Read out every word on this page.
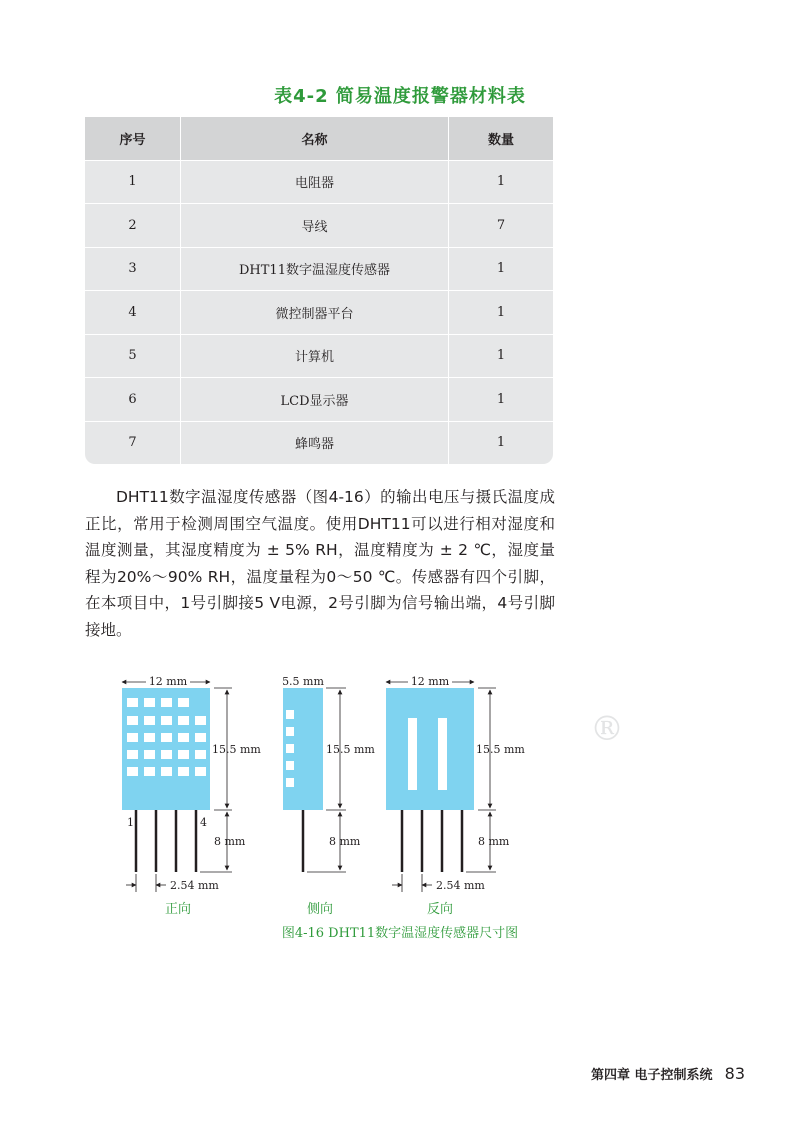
表4-2 简易温度报警器材料表
序号	名称	数量
1	电阻器	1
2	导线	7
3	DHT11数字温湿度传感器	1
4	微控制器平台	1
5	计算机	1
6	LCD显示器	1
7	蜂鸣器	1
DHT11数字温湿度传感器（图4-16）的输出电压与摄氏温度成正比，常用于检测周围空气温度。使用DHT11可以进行相对湿度和温度测量，其湿度精度为 ± 5% RH，温度精度为 ± 2 ℃，湿度量程为20%～90% RH，温度量程为0～50 ℃。传感器有四个引脚，在本项目中，1号引脚接5 V电源，2号引脚为信号输出端，4号引脚接地。
12 mm
15.5 mm
8 mm
2.54 mm
1	4
正向
5.5 mm
15.5 mm
8 mm
侧向
12 mm
15.5 mm
8 mm
2.54 mm
反向
®
图4-16 DHT11数字温湿度传感器尺寸图
第四章 电子控制系统 83
